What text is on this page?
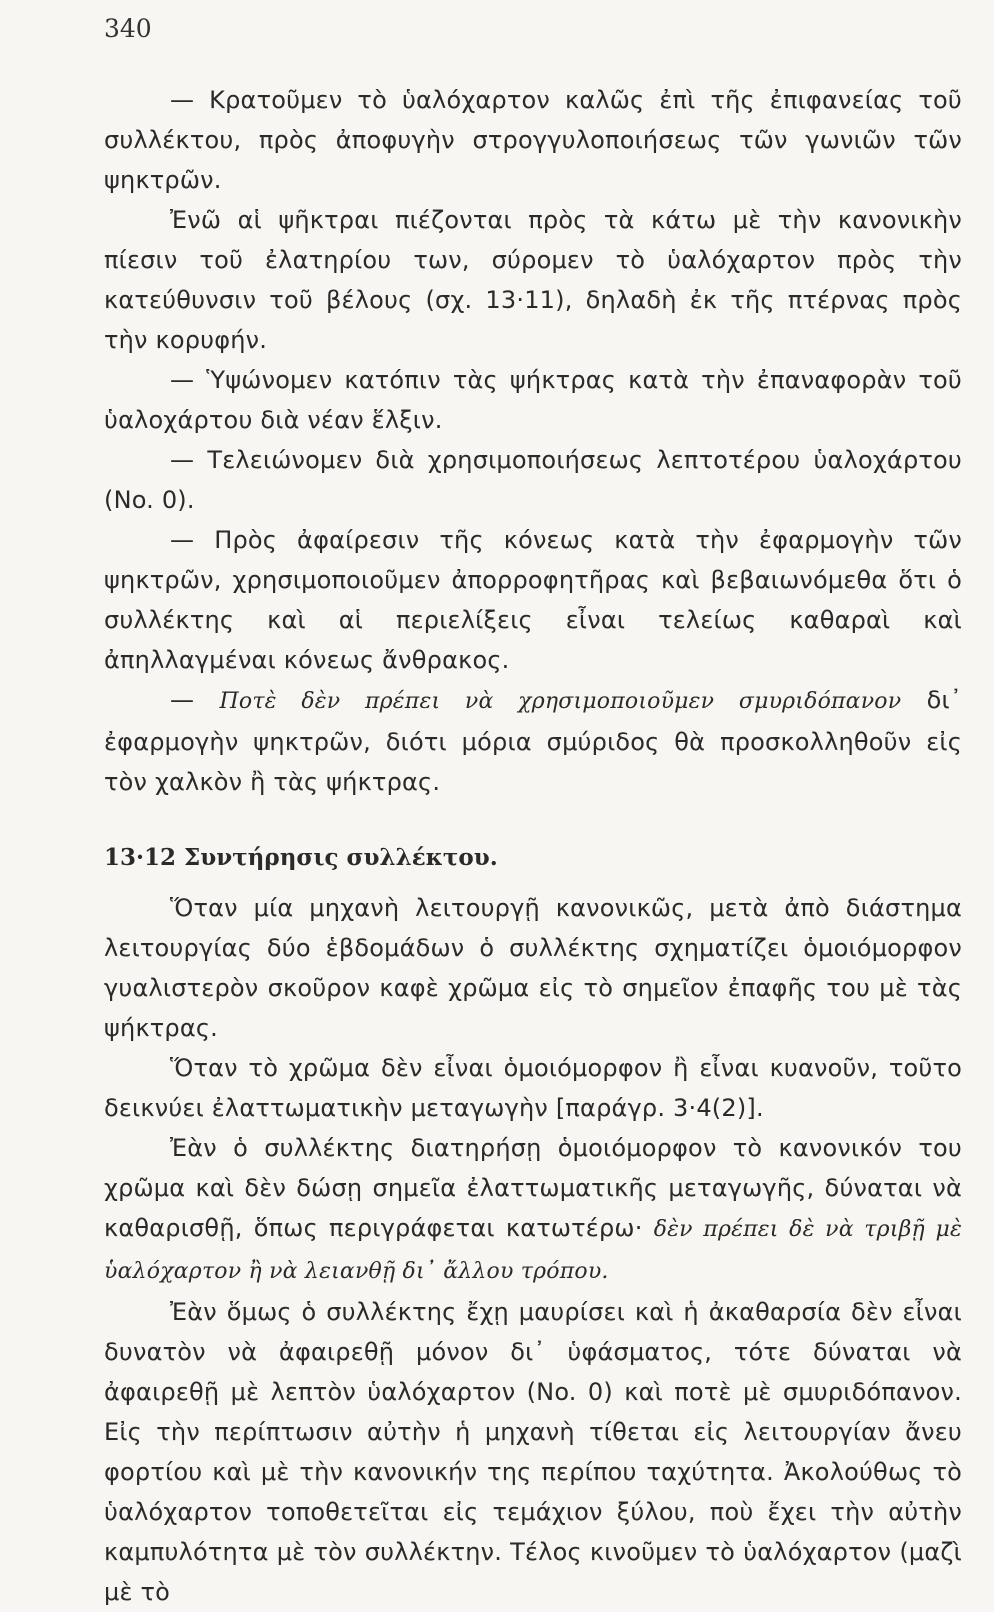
340

— Κρατοῦμεν τὸ ὑαλόχαρτον καλῶς ἐπὶ τῆς ἐπιφανείας τοῦ συλλέκτου, πρὸς ἀποφυγὴν στρογγυλοποιήσεως τῶν γωνιῶν τῶν ψηκτρῶν.

Ἐνῶ αἱ ψῆκτραι πιέζονται πρὸς τὰ κάτω μὲ τὴν κανονικὴν πίεσιν τοῦ ἐλατηρίου των, σύρομεν τὸ ὑαλόχαρτον πρὸς τὴν κατεύθυνσιν τοῦ βέλους (σχ. 13·11), δηλαδὴ ἐκ τῆς πτέρνας πρὸς τὴν κορυφήν.

— Ὑψώνομεν κατόπιν τὰς ψήκτρας κατὰ τὴν ἐπαναφορὰν τοῦ ὑαλοχάρτου διὰ νέαν ἕλξιν.

— Τελειώνομεν διὰ χρησιμοποιήσεως λεπτοτέρου ὑαλοχάρτου (No. 0).

— Πρὸς ἀφαίρεσιν τῆς κόνεως κατὰ τὴν ἐφαρμογὴν τῶν ψηκτρῶν, χρησιμοποιοῦμεν ἀπορροφητῆρας καὶ βεβαιωνόμεθα ὅτι ὁ συλλέκτης καὶ αἱ περιελίξεις εἶναι τελείως καθαραὶ καὶ ἀπηλλαγμέναι κόνεως ἄνθρακος.

— Ποτὲ δὲν πρέπει νὰ χρησιμοποιοῦμεν σμυριδόπανον δι᾽ ἐφαρμογὴν ψηκτρῶν, διότι μόρια σμύριδος θὰ προσκολληθοῦν εἰς τὸν χαλκὸν ἢ τὰς ψήκτρας.

13·12 Συντήρησις συλλέκτου.

Ὅταν μία μηχανὴ λειτουργῇ κανονικῶς, μετὰ ἀπὸ διάστημα λειτουργίας δύο ἑβδομάδων ὁ συλλέκτης σχηματίζει ὁμοιόμορφον γυαλιστερὸν σκοῦρον καφὲ χρῶμα εἰς τὸ σημεῖον ἐπαφῆς του μὲ τὰς ψήκτρας.

Ὅταν τὸ χρῶμα δὲν εἶναι ὁμοιόμορφον ἢ εἶναι κυανοῦν, τοῦτο δεικνύει ἐλαττωματικὴν μεταγωγὴν [παράγρ. 3·4(2)].

Ἐὰν ὁ συλλέκτης διατηρήσῃ ὁμοιόμορφον τὸ κανονικόν του χρῶμα καὶ δὲν δώσῃ σημεῖα ἐλαττωματικῆς μεταγωγῆς, δύναται νὰ καθαρισθῇ, ὅπως περιγράφεται κατωτέρω· δὲν πρέπει δὲ νὰ τριβῇ μὲ ὑαλόχαρτον ἢ νὰ λειανθῇ δι᾽ ἄλλου τρόπου.

Ἐὰν ὅμως ὁ συλλέκτης ἔχῃ μαυρίσει καὶ ἡ ἀκαθαρσία δὲν εἶναι δυνατὸν νὰ ἀφαιρεθῇ μόνον δι᾽ ὑφάσματος, τότε δύναται νὰ ἀφαιρεθῇ μὲ λεπτὸν ὑαλόχαρτον (No. 0) καὶ ποτὲ μὲ σμυριδόπανον. Εἰς τὴν περίπτωσιν αὐτὴν ἡ μηχανὴ τίθεται εἰς λειτουργίαν ἄνευ φορτίου καὶ μὲ τὴν κανονικήν της περίπου ταχύτητα. Ἀκολούθως τὸ ὑαλόχαρτον τοποθετεῖται εἰς τεμάχιον ξύλου, ποὺ ἔχει τὴν αὐτὴν καμπυλότητα μὲ τὸν συλλέκτην. Τέλος κινοῦμεν τὸ ὑαλόχαρτον (μαζὶ μὲ τὸ
